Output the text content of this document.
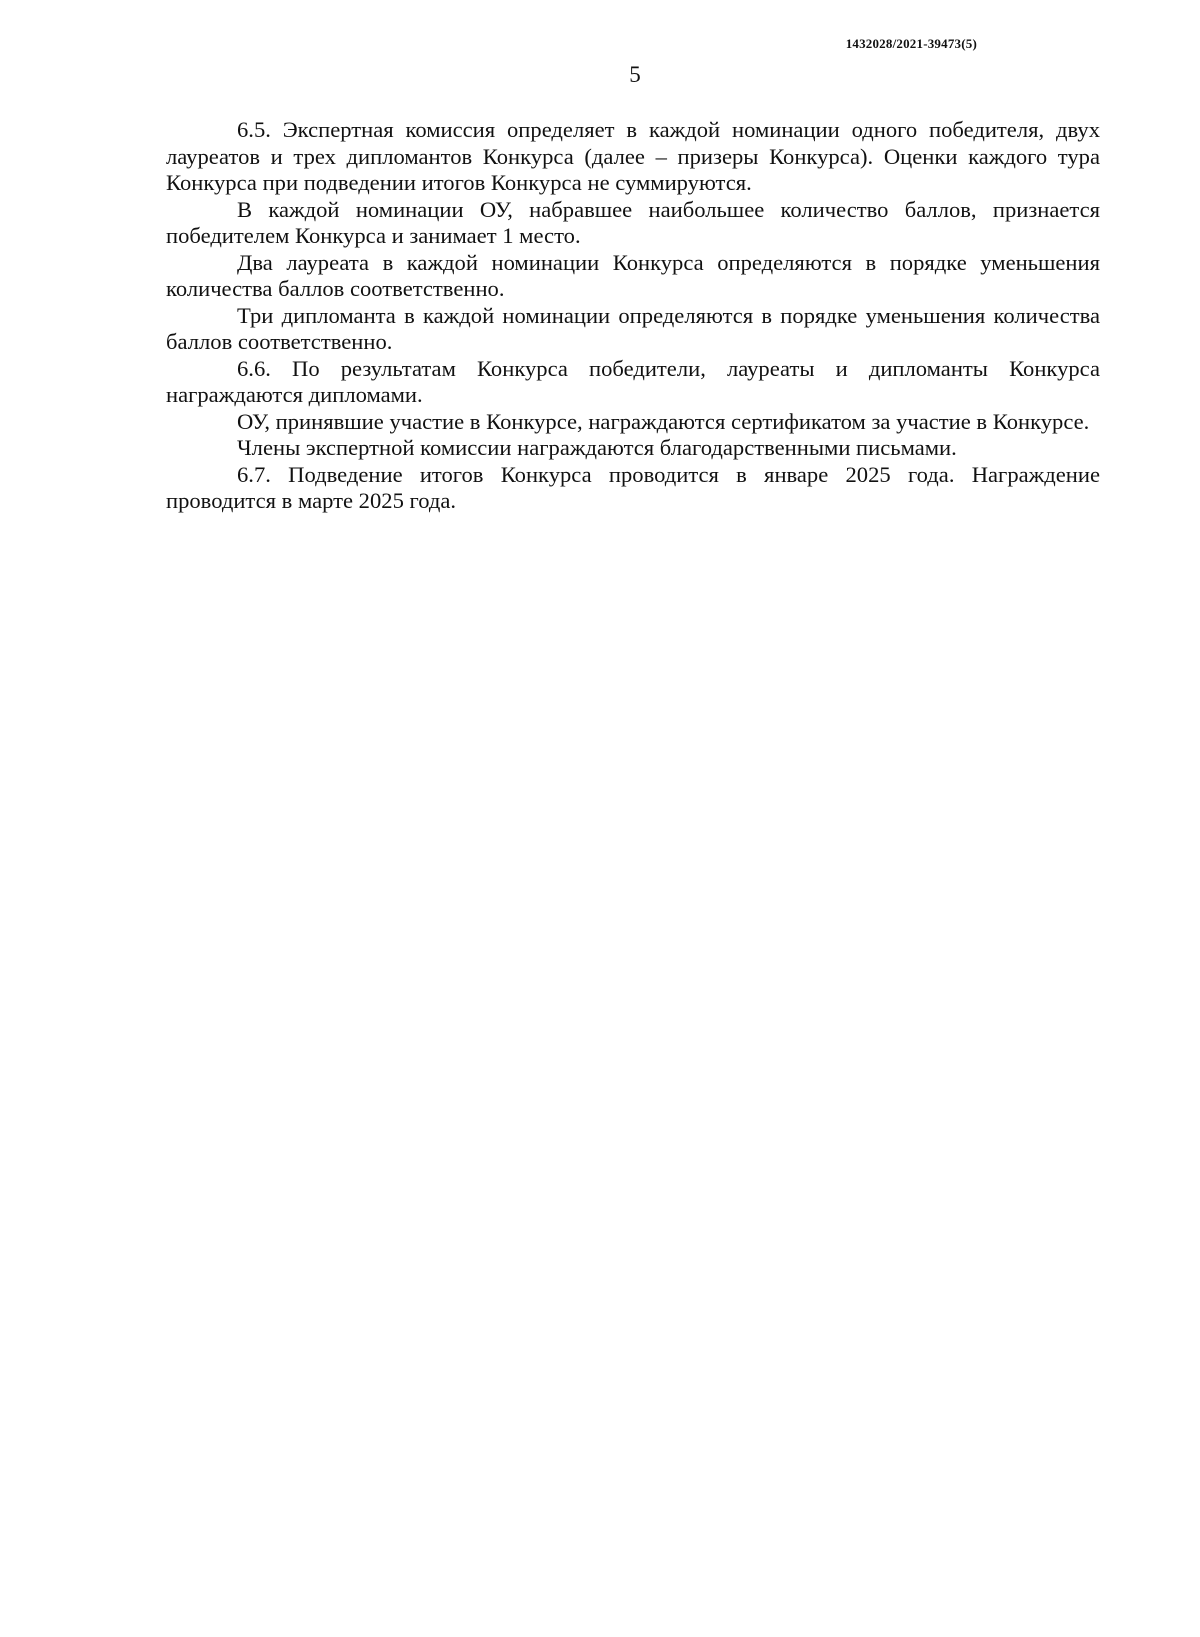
1432028/2021-39473(5)
5

6.5. Экспертная комиссия определяет в каждой номинации одного победителя, двух лауреатов и трех дипломантов Конкурса (далее – призеры Конкурса). Оценки каждого тура Конкурса при подведении итогов Конкурса не суммируются.

В каждой номинации ОУ, набравшее наибольшее количество баллов, признается победителем Конкурса и занимает 1 место.

Два лауреата в каждой номинации Конкурса определяются в порядке уменьшения количества баллов соответственно.

Три дипломанта в каждой номинации определяются в порядке уменьшения количества баллов соответственно.

6.6. По результатам Конкурса победители, лауреаты и дипломанты Конкурса награждаются дипломами.

ОУ, принявшие участие в Конкурсе, награждаются сертификатом за участие в Конкурсе.

Члены экспертной комиссии награждаются благодарственными письмами.

6.7. Подведение итогов Конкурса проводится в январе 2025 года. Награждение проводится в марте 2025 года.
